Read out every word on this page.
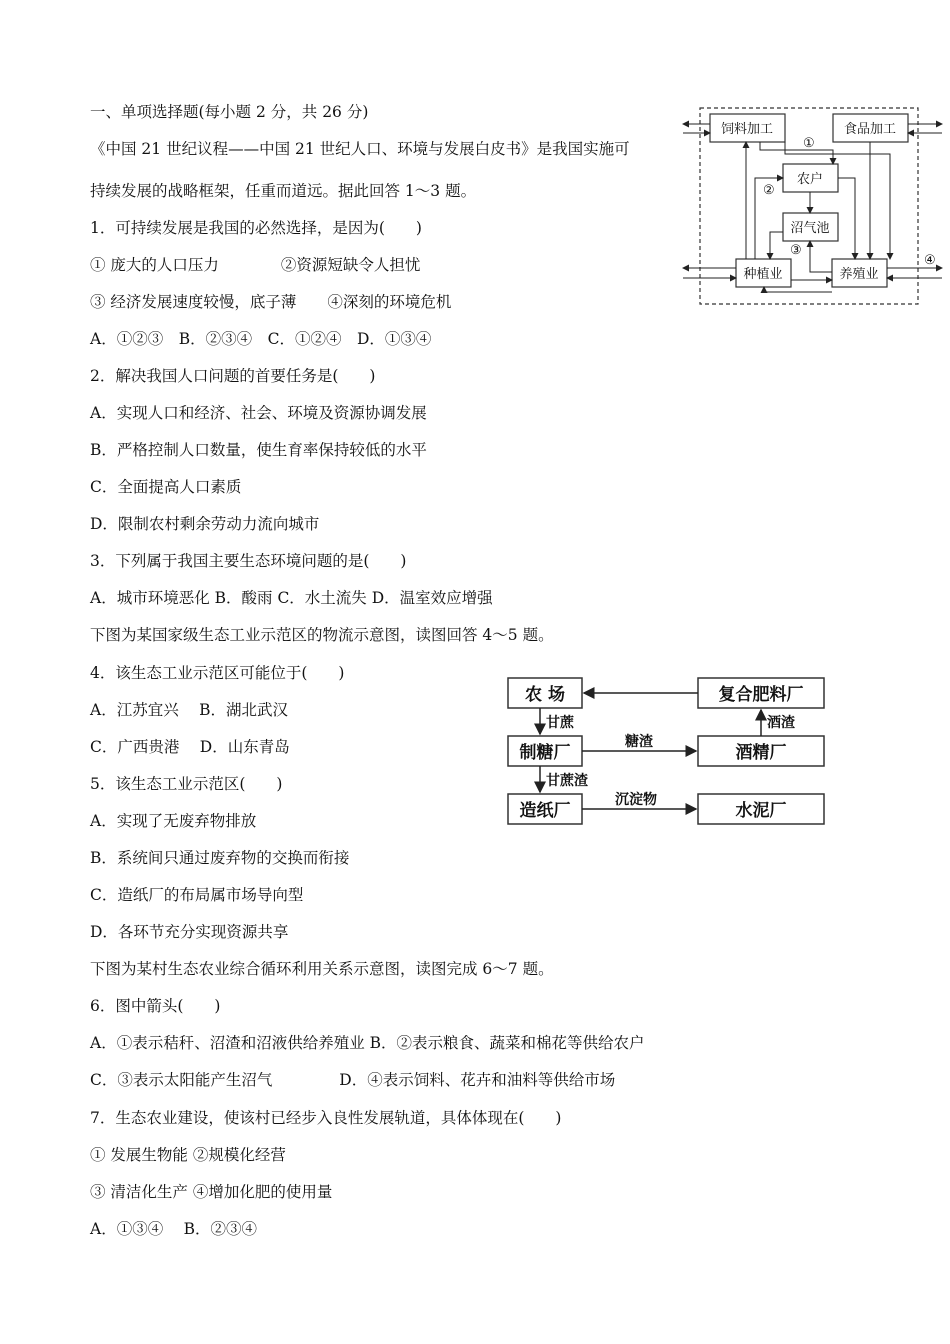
一、单项选择题(每小题 2 分，共 26 分)
《中国 21 世纪议程——中国 21 世纪人口、环境与发展白皮书》是我国实施可
持续发展的战略框架，任重而道远。据此回答 1～3 题。
1．可持续发展是我国的必然选择，是因为(　　)
① 庞大的人口压力　　　　②资源短缺令人担忧
③ 经济发展速度较慢，底子薄　　④深刻的环境危机
A．①②③　B．②③④　C．①②④　D．①③④
2．解决我国人口问题的首要任务是(　　)
A．实现人口和经济、社会、环境及资源协调发展
B．严格控制人口数量，使生育率保持较低的水平
C．全面提高人口素质
D．限制农村剩余劳动力流向城市
3．下列属于我国主要生态环境问题的是(　　)
A．城市环境恶化 B．酸雨 C．水土流失 D．温室效应增强
下图为某国家级生态工业示范区的物流示意图，读图回答 4～5 题。
4．该生态工业示范区可能位于(　　)
A．江苏宜兴　 B．湖北武汉
C．广西贵港　 D．山东青岛
5．该生态工业示范区(　　)
A．实现了无废弃物排放
B．系统间只通过废弃物的交换而衔接
C．造纸厂的布局属市场导向型
D．各环节充分实现资源共享
下图为某村生态农业综合循环利用关系示意图，读图完成 6～7 题。
6．图中箭头(　　)
A．①表示秸秆、沼渣和沼液供给养殖业 B．②表示粮食、蔬菜和棉花等供给农户
C．③表示太阳能产生沼气　　　　 D．④表示饲料、花卉和油料等供给市场
7．生态农业建设，使该村已经步入良性发展轨道，具体体现在(　　)
① 发展生物能 ②规模化经营
③ 清洁化生产 ④增加化肥的使用量
A．①③④　 B．②③④
饲料加工	食品加工
农户
沼气池
种植业	养殖业
①
②
③
④
农 场	复合肥料厂
制糖厂	酒精厂
造纸厂	水泥厂
甘蔗	酒渣
糖渣
甘蔗渣
沉淀物
